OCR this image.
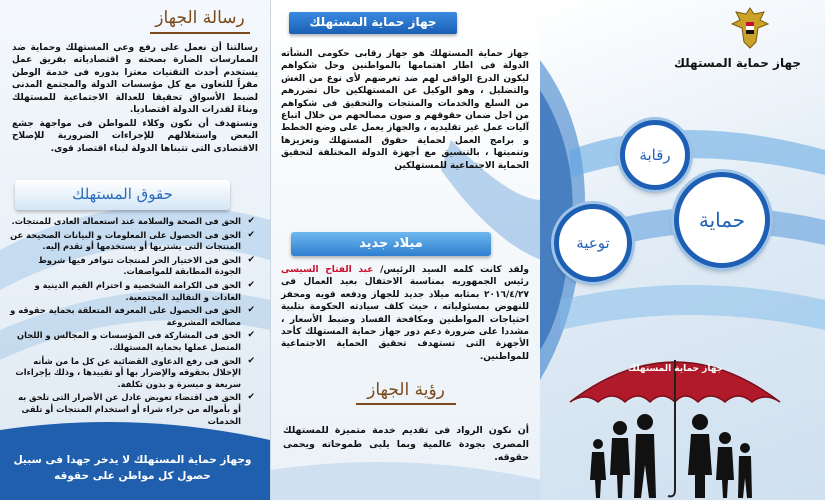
رسالة الجهاز
رسالتنا أن نعمل على رفع وعى المستهلك وحماية ضد الممارسات الضارة بصحته و اقتصادياته بفريق عمل يستخدم أحدث التقنيات معتزا بدوره فى خدمة الوطن مقراً للتعاون مع كل مؤسسات الدولة والمجتمع المدنى لضبط الأسواق تحقيقا للعدالة الاجتماعية للمستهلك وبناءً لقدرات الدولة اقتصاديا.
ونستهدف أن نكون وكلاء للمواطن فى مواجهة جشع البعض واستغلالهم للإجراءات الضرورية للإصلاح الاقتصادى التى تتبناها الدولة لبناء اقتصاد قوى.
حقوق المستهلك
✔
الحق فى الصحة والسلامة عند استعماله العادى للمنتجات.
✔
الحق فى الحصول على المعلومات و البيانات الصحيحة عن المنتجات التى يشتريها أو يستخدمها أو تقدم إليه.
✔
الحق فى الاختيار الحر لمنتجات تتوافر فيها شروط الجودة المطابقة للمواصفات.
✔
الحق فى الكرامة الشخصية و احترام القيم الدينية و العادات و التقاليد المجتمعية.
✔
الحق فى الحصول على المعرفة المتعلقة بحماية حقوقه و مصالحه المشروعة
✔
الحق فى المشاركة فى المؤسسات و المجالس و اللجان المتصل عملها بحماية المستهلك.
✔
الحق فى رفع الدعاوى القضائية عن كل ما من شأنه الإخلال بحقوقه والإضرار بها أو تقييدها ، وذلك بإجراءات سريعة و ميسرة و بدون تكلفة.
✔
الحق فى اقتضاء تعويض عادل عن الأضرار التى تلحق به أو بأمواله من جراء شراء أو استخدام المنتجات أو تلقى الخدمات
وجهاز حماية المستهلك لا يدخر جهدا فى سبيل حصول كل مواطن على حقوقه
جهاز حماية المستهلك
جهاز حماية المستهلك هو جهاز رقابى حكومى النشأته الدولة فى اطار اهتمامها بالمواطنين وحل شكواهم ليكون الدرع الواقى لهم ضد تعرضهم لأى نوع من الغش والتضليل ، وهو الوكيل عن المستهلكين حال تضررهم من السلع والخدمات والمنتجات والتحقيق فى شكواهم من اجل ضمان حقوقهم و صون مصالحهم من خلال اتباع آليات عمل غير تقليديه ، والجهاز يعمل على وضع الخطط و برامج العمل لحماية حقوق المستهلك وتعزيزها وتنميتها ، بالتنسيق مع أجهزة الدولة المختلفة لتحقيق الحماية الاجتماعية للمستهلكين
ميلاد جديد
ولقد كانت كلمه السيد الرئيس/ عبد الفتاح السيسى رئيس الجمهوريه بمناسبة الاحتفال بعيد العمال فى ٢٠١٦/٤/٢٧ بمثابه ميلاد جديد للجهاز ودفعه قويه ومحفز للنهوض بمسئولياته ، حيث كلف سيادته الحكومة بتلبية احتياجات المواطنين ومكافحة الفساد وضبط الأسعار ، مشددا على ضرورة دعم دور جهاز حماية المستهلك كأحد الأجهزة التى تستهدف تحقيق الحماية الاجتماعية للمواطنين.
رؤية الجهاز
أن نكون الرواد فى تقديم خدمة متميزة للمستهلك المصرى بجودة عالمية وبما يلبى طموحاته ويحمى حقوقه.
جهاز حماية المستهلك
حماية
رقابة
توعية
جهاز حماية المستهلك
